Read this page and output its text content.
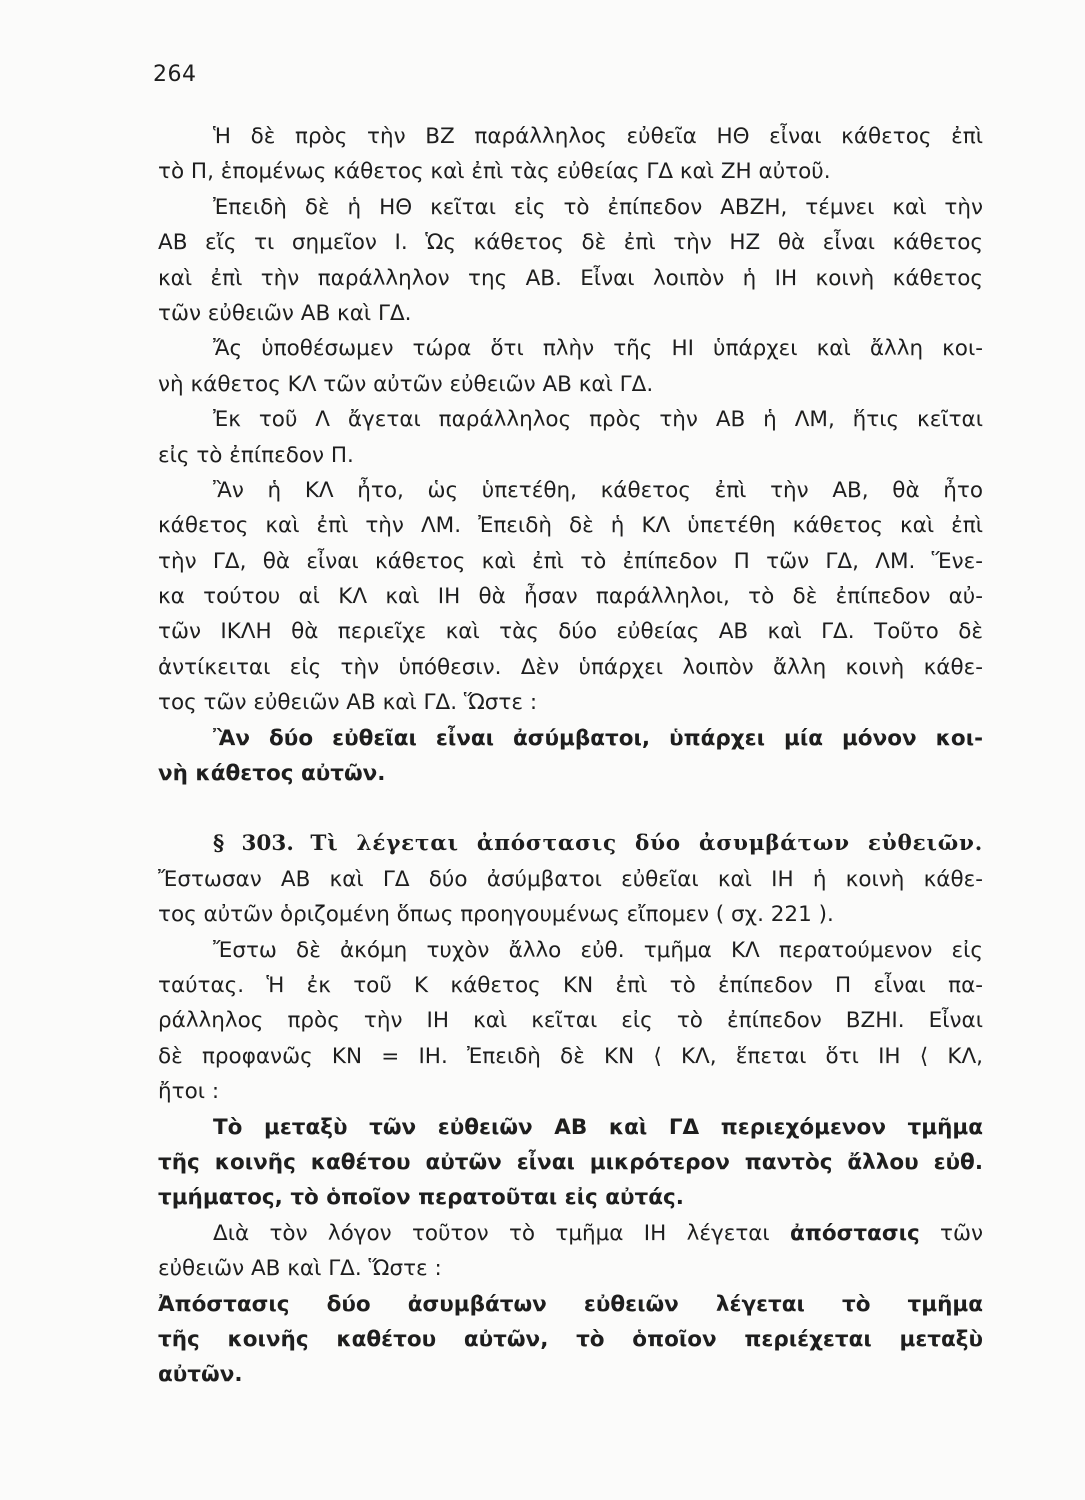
264
Ἡ δὲ πρὸς τὴν ΒΖ παράλληλος εὐθεῖα ΗΘ εἶναι κάθετος ἐπὶ
τὸ Π, ἑπομένως κάθετος καὶ ἐπὶ τὰς εὐθείας ΓΔ καὶ ΖΗ αὐτοῦ.
Ἐπειδὴ δὲ ἡ ΗΘ κεῖται εἰς τὸ ἐπίπεδον ΑΒΖΗ, τέμνει καὶ τὴν
ΑΒ εἴς τι σημεῖον Ι. Ὡς κάθετος δὲ ἐπὶ τὴν ΗΖ θὰ εἶναι κάθετος
καὶ ἐπὶ τὴν παράλληλον της ΑΒ. Εἶναι λοιπὸν ἡ ΙΗ κοινὴ κάθετος
τῶν εὐθειῶν ΑΒ καὶ ΓΔ.
Ἄς ὑποθέσωμεν τώρα ὅτι πλὴν τῆς ΗΙ ὑπάρχει καὶ ἄλλη κοι-
νὴ κάθετος ΚΛ τῶν αὐτῶν εὐθειῶν ΑΒ καὶ ΓΔ.
Ἐκ τοῦ Λ ἄγεται παράλληλος πρὸς τὴν ΑΒ ἡ ΛΜ, ἥτις κεῖται
εἰς τὸ ἐπίπεδον Π.
Ἂν ἡ ΚΛ ἦτο, ὡς ὑπετέθη, κάθετος ἐπὶ τὴν ΑΒ, θὰ ἦτο
κάθετος καὶ ἐπὶ τὴν ΛΜ. Ἐπειδὴ δὲ ἡ ΚΛ ὑπετέθη κάθετος καὶ ἐπὶ
τὴν ΓΔ, θὰ εἶναι κάθετος καὶ ἐπὶ τὸ ἐπίπεδον Π τῶν ΓΔ, ΛΜ. Ἕνε-
κα τούτου αἱ ΚΛ καὶ ΙΗ θὰ ἦσαν παράλληλοι, τὸ δὲ ἐπίπεδον αὐ-
τῶν ΙΚΛΗ θὰ περιεῖχε καὶ τὰς δύο εὐθείας ΑΒ καὶ ΓΔ. Τοῦτο δὲ
ἀντίκειται εἰς τὴν ὑπόθεσιν. Δὲν ὑπάρχει λοιπὸν ἄλλη κοινὴ κάθε-
τος τῶν εὐθειῶν ΑΒ καὶ ΓΔ. Ὥστε :
Ἂν δύο εὐθεῖαι εἶναι ἀσύμβατοι, ὑπάρχει μία μόνον κοι-
νὴ κάθετος αὐτῶν.
§ 303. Τὶ λέγεται ἀπόστασις δύο ἀσυμβάτων εὐθειῶν.
Ἔστωσαν ΑΒ καὶ ΓΔ δύο ἀσύμβατοι εὐθεῖαι καὶ ΙΗ ἡ κοινὴ κάθε-
τος αὐτῶν ὁριζομένη ὅπως προηγουμένως εἴπομεν ( σχ. 221 ).
Ἔστω δὲ ἀκόμη τυχὸν ἄλλο εὐθ. τμῆμα ΚΛ περατούμενον εἰς
ταύτας. Ἡ ἐκ τοῦ Κ κάθετος ΚΝ ἐπὶ τὸ ἐπίπεδον Π εἶναι πα-
ράλληλος πρὸς τὴν ΙΗ καὶ κεῖται εἰς τὸ ἐπίπεδον ΒΖΗΙ. Εἶναι
δὲ προφανῶς ΚΝ = ΙΗ. Ἐπειδὴ δὲ ΚΝ ⟨ ΚΛ, ἕπεται ὅτι ΙΗ ⟨ ΚΛ,
ἤτοι :
Τὸ μεταξὺ τῶν εὐθειῶν ΑΒ καὶ ΓΔ περιεχόμενον τμῆμα
τῆς κοινῆς καθέτου αὐτῶν εἶναι μικρότερον παντὸς ἄλλου εὐθ.
τμήματος, τὸ ὁποῖον περατοῦται εἰς αὐτάς.
Διὰ τὸν λόγον τοῦτον τὸ τμῆμα ΙΗ λέγεται ἀπόστασις τῶν
εὐθειῶν ΑΒ καὶ ΓΔ. Ὥστε :
Ἀπόστασις δύο ἀσυμβάτων εὐθειῶν λέγεται τὸ τμῆμα
τῆς κοινῆς καθέτου αὐτῶν, τὸ ὁποῖον περιέχεται μεταξὺ
αὐτῶν.
